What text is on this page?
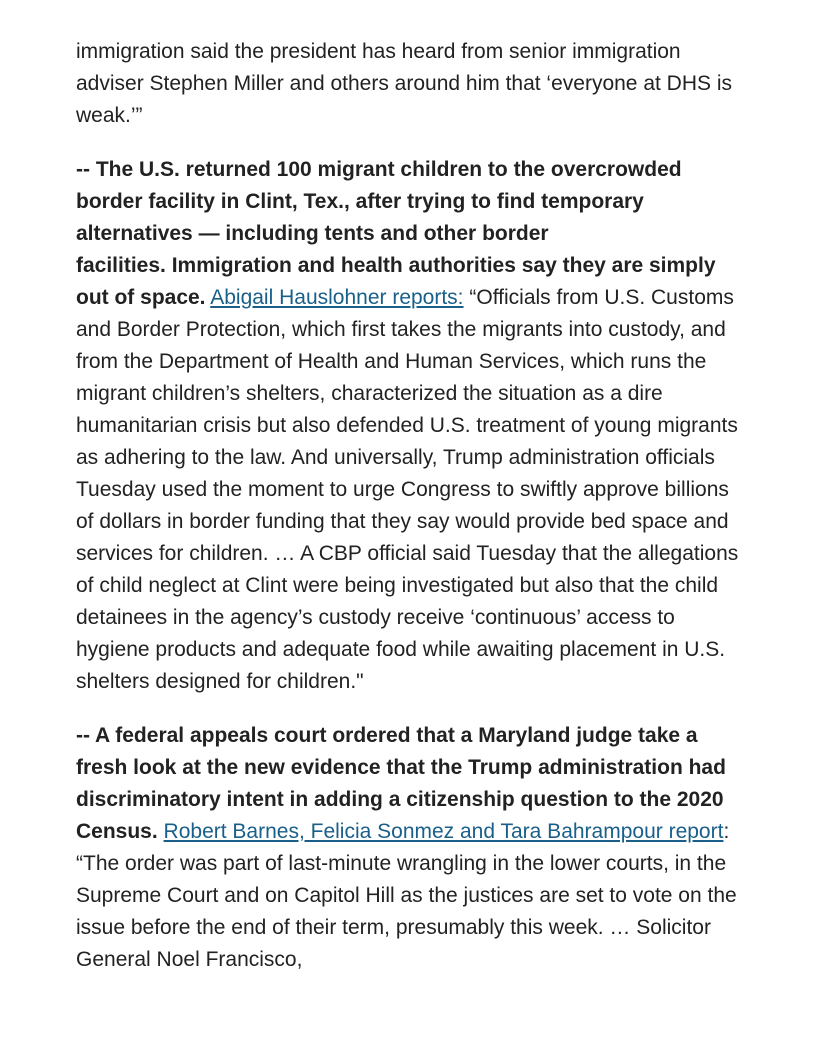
immigration said the president has heard from senior immigration adviser Stephen Miller and others around him that ‘everyone at DHS is weak.’”

-- The U.S. returned 100 migrant children to the overcrowded border facility in Clint, Tex., after trying to find temporary alternatives — including tents and other border
facilities. Immigration and health authorities say they are simply out of space. Abigail Hauslohner reports: “Officials from U.S. Customs and Border Protection, which first takes the migrants into custody, and from the Department of Health and Human Services, which runs the migrant children’s shelters, characterized the situation as a dire humanitarian crisis but also defended U.S. treatment of young migrants as adhering to the law. And universally, Trump administration officials Tuesday used the moment to urge Congress to swiftly approve billions of dollars in border funding that they say would provide bed space and services for children. … A CBP official said Tuesday that the allegations of child neglect at Clint were being investigated but also that the child detainees in the agency’s custody receive ‘continuous’ access to hygiene products and adequate food while awaiting placement in U.S. shelters designed for children."

-- A federal appeals court ordered that a Maryland judge take a fresh look at the new evidence that the Trump administration had discriminatory intent in adding a citizenship question to the 2020 Census. Robert Barnes, Felicia Sonmez and Tara Bahrampour report: “The order was part of last-minute wrangling in the lower courts, in the Supreme Court and on Capitol Hill as the justices are set to vote on the issue before the end of their term, presumably this week. … Solicitor General Noel Francisco,
